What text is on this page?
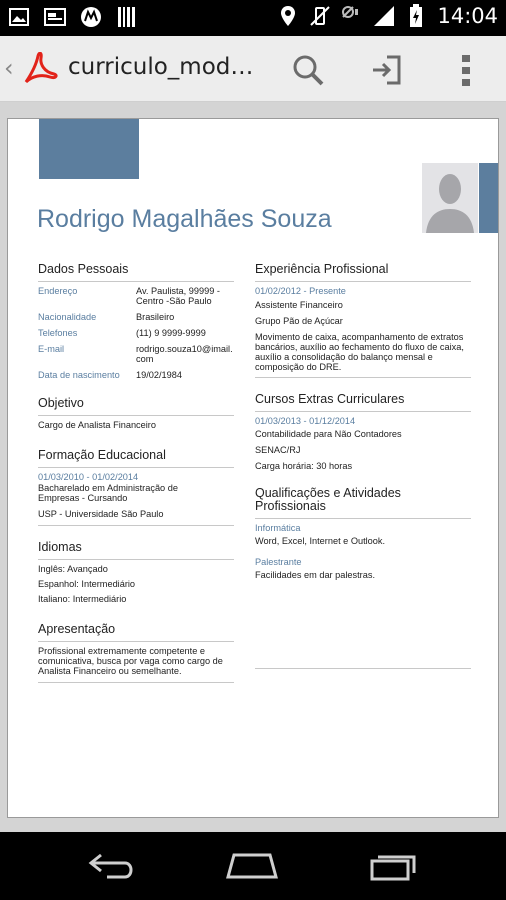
14:04
‹ curriculo_mod…
Rodrigo Magalhães Souza
Dados Pessoais
Endereço	Av. Paulista, 99999 - Centro -São Paulo
Nacionalidade	Brasileiro
Telefones	(11) 9 9999-9999
E-mail	rodrigo.souza10@imail.com
Data de nascimento	19/02/1984
Objetivo
Cargo de Analista Financeiro
Formação Educacional
01/03/2010 - 01/02/2014
Bacharelado em Administração de Empresas - Cursando
USP - Universidade São Paulo
Idiomas
Inglês: Avançado
Espanhol: Intermediário
Italiano: Intermediário
Apresentação
Profissional extremamente competente e comunicativa, busca por vaga como cargo de Analista Financeiro ou semelhante.
Experiência Profissional
01/02/2012 - Presente
Assistente Financeiro
Grupo Pão de Açúcar
Movimento de caixa, acompanhamento de extratos bancários, auxílio ao fechamento do fluxo de caixa, auxílio a consolidação do balanço mensal e composição do DRE.
Cursos Extras Curriculares
01/03/2013 - 01/12/2014
Contabilidade para Não Contadores
SENAC/RJ
Carga horária: 30 horas
Qualificações e Atividades Profissionais
Informática
Word, Excel, Internet e Outlook.
Palestrante
Facilidades em dar palestras.
